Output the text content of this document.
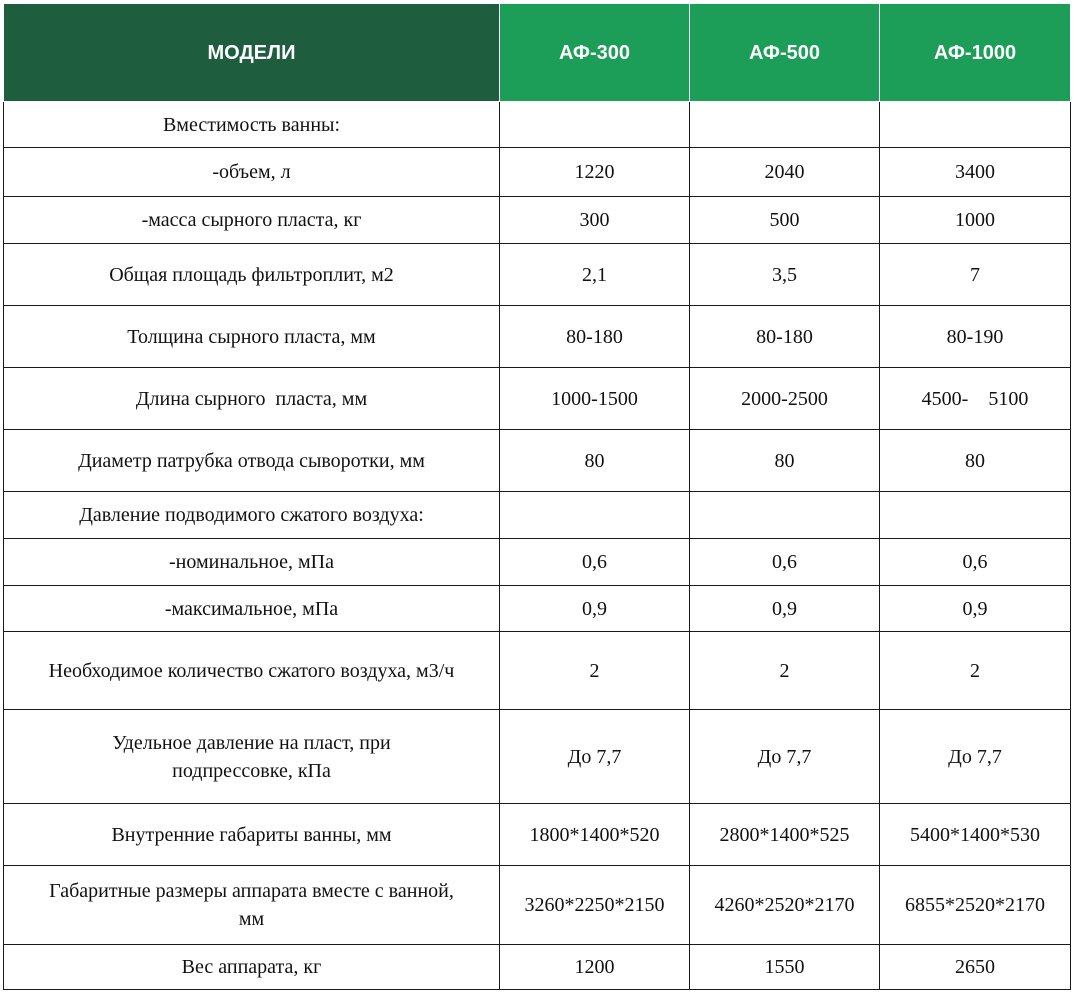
МОДЕЛИ	АФ-300	АФ-500	АФ-1000
Вместимость ванны:			
-объем, л	1220	2040	3400
-масса сырного пласта, кг	300	500	1000
Общая площадь фильтроплит, м2	2,1	3,5	7
Толщина сырного пласта, мм	80-180	80-180	80-190
Длина сырного  пласта, мм	1000-1500	2000-2500	4500-    5100
Диаметр патрубка отвода сыворотки, мм	80	80	80
Давление подводимого сжатого воздуха:			
-номинальное, мПа	0,6	0,6	0,6
-максимальное, мПа	0,9	0,9	0,9
Необходимое количество сжатого воздуха, м3/ч	2	2	2
Удельное давление на пласт, при подпрессовке, кПа	До 7,7	До 7,7	До 7,7
Внутренние габариты ванны, мм	1800*1400*520	2800*1400*525	5400*1400*530
Габаритные размеры аппарата вместе с ванной, мм	3260*2250*2150	4260*2520*2170	6855*2520*2170
Вес аппарата, кг	1200	1550	2650
